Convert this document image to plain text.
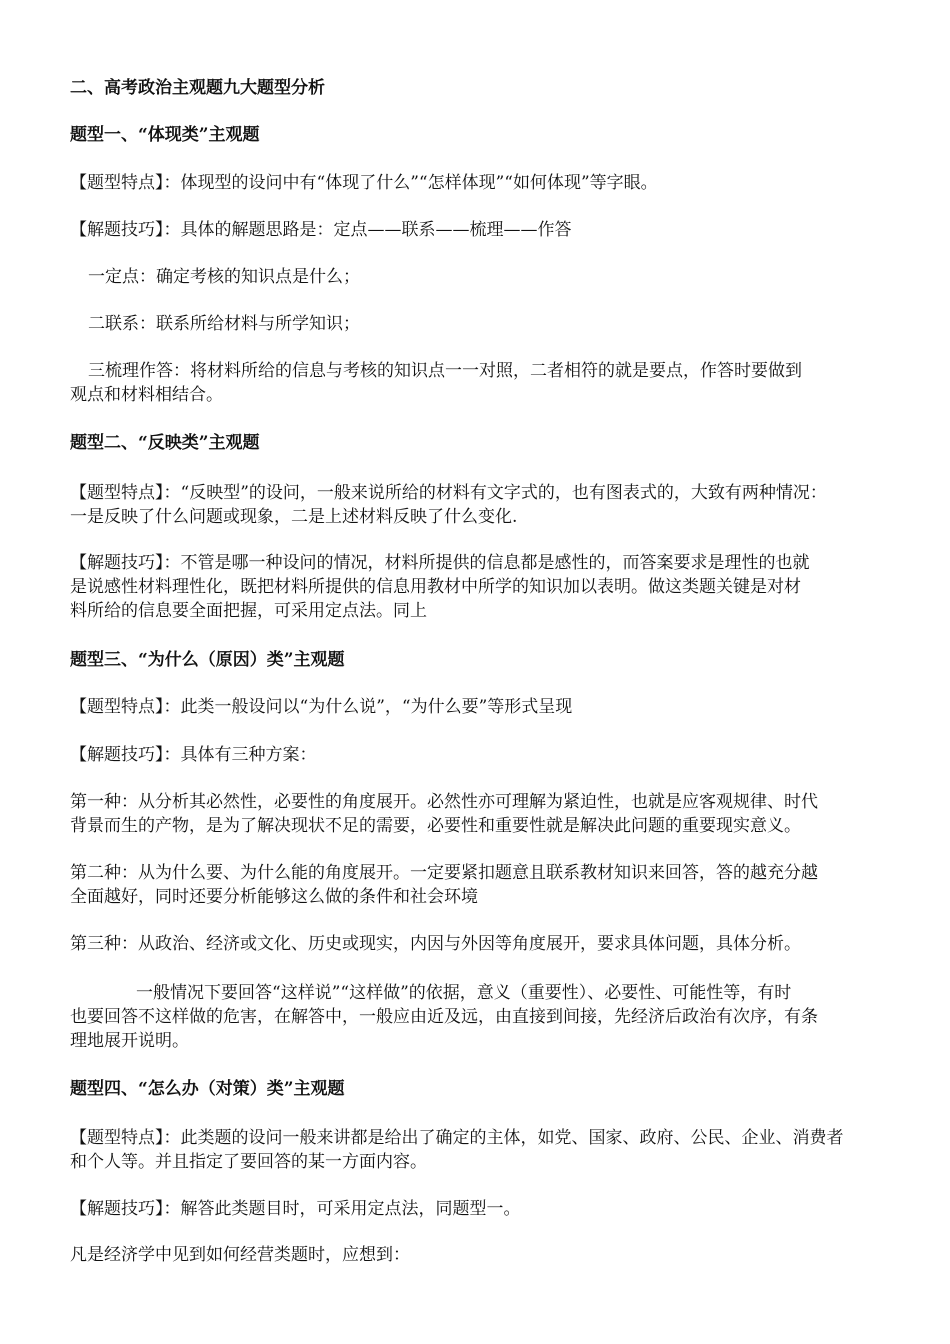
二、高考政治主观题九大题型分析
题型一、“体现类”主观题
【题型特点】：体现型的设问中有“体现了什么”“怎样体现”“如何体现”等字眼。
【解题技巧】：具体的解题思路是：定点——联系——梳理——作答
一定点：确定考核的知识点是什么；
二联系：联系所给材料与所学知识；
三梳理作答：将材料所给的信息与考核的知识点一一对照，二者相符的就是要点，作答时要做到
观点和材料相结合。
题型二、“反映类”主观题
【题型特点】：“反映型”的设问，一般来说所给的材料有文字式的，也有图表式的，大致有两种情况：
一是反映了什么问题或现象，二是上述材料反映了什么变化.
【解题技巧】：不管是哪一种设问的情况，材料所提供的信息都是感性的，而答案要求是理性的也就
是说感性材料理性化，既把材料所提供的信息用教材中所学的知识加以表明。做这类题关键是对材
料所给的信息要全面把握，可采用定点法。同上
题型三、“为什么（原因）类”主观题
【题型特点】：此类一般设问以“为什么说”，“为什么要”等形式呈现
【解题技巧】：具体有三种方案：
第一种：从分析其必然性，必要性的角度展开。必然性亦可理解为紧迫性，也就是应客观规律、时代
背景而生的产物，是为了解决现状不足的需要，必要性和重要性就是解决此问题的重要现实意义。
第二种：从为什么要、为什么能的角度展开。一定要紧扣题意且联系教材知识来回答，答的越充分越
全面越好，同时还要分析能够这么做的条件和社会环境
第三种：从政治、经济或文化、历史或现实，内因与外因等角度展开，要求具体问题，具体分析。
一般情况下要回答“这样说”“这样做”的依据，意义（重要性）、必要性、可能性等，有时
也要回答不这样做的危害，在解答中，一般应由近及远，由直接到间接，先经济后政治有次序，有条
理地展开说明。
题型四、“怎么办（对策）类”主观题
【题型特点】：此类题的设问一般来讲都是给出了确定的主体，如党、国家、政府、公民、企业、消费者
和个人等。并且指定了要回答的某一方面内容。
【解题技巧】：解答此类题目时，可采用定点法，同题型一。
凡是经济学中见到如何经营类题时，应想到：
